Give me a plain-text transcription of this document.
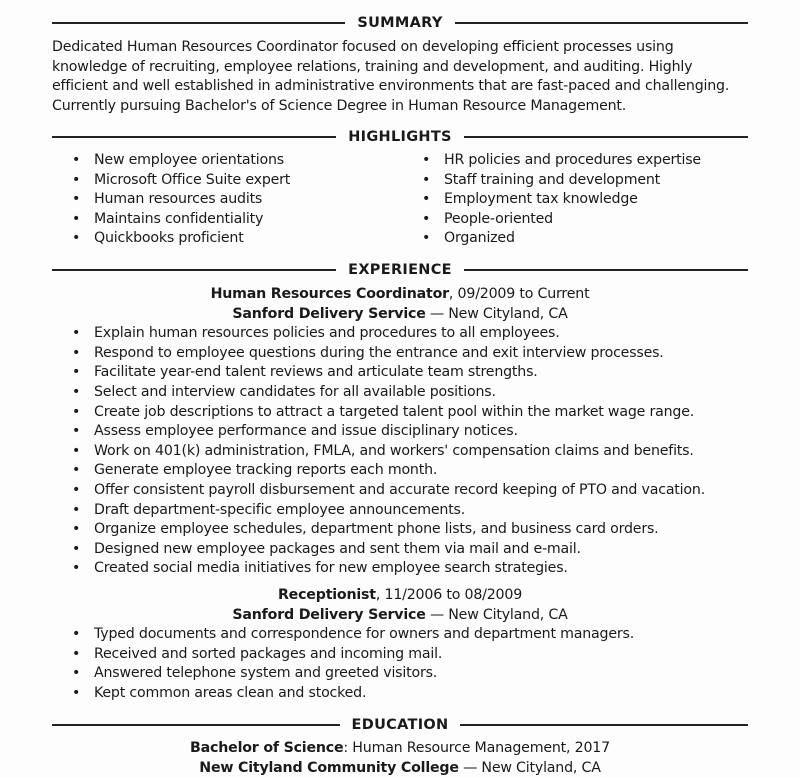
SUMMARY
Dedicated Human Resources Coordinator focused on developing efficient processes using
knowledge of recruiting, employee relations, training and development, and auditing. Highly
efficient and well established in administrative environments that are fast-paced and challenging.
Currently pursuing Bachelor's of Science Degree in Human Resource Management.
HIGHLIGHTS
• New employee orientations
• Microsoft Office Suite expert
• Human resources audits
• Maintains confidentiality
• Quickbooks proficient
• HR policies and procedures expertise
• Staff training and development
• Employment tax knowledge
• People-oriented
• Organized
EXPERIENCE
Human Resources Coordinator, 09/2009 to Current
Sanford Delivery Service — New Cityland, CA
• Explain human resources policies and procedures to all employees.
• Respond to employee questions during the entrance and exit interview processes.
• Facilitate year-end talent reviews and articulate team strengths.
• Select and interview candidates for all available positions.
• Create job descriptions to attract a targeted talent pool within the market wage range.
• Assess employee performance and issue disciplinary notices.
• Work on 401(k) administration, FMLA, and workers' compensation claims and benefits.
• Generate employee tracking reports each month.
• Offer consistent payroll disbursement and accurate record keeping of PTO and vacation.
• Draft department-specific employee announcements.
• Organize employee schedules, department phone lists, and business card orders.
• Designed new employee packages and sent them via mail and e-mail.
• Created social media initiatives for new employee search strategies.
Receptionist, 11/2006 to 08/2009
Sanford Delivery Service — New Cityland, CA
• Typed documents and correspondence for owners and department managers.
• Received and sorted packages and incoming mail.
• Answered telephone system and greeted visitors.
• Kept common areas clean and stocked.
EDUCATION
Bachelor of Science: Human Resource Management, 2017
New Cityland Community College — New Cityland, CA
